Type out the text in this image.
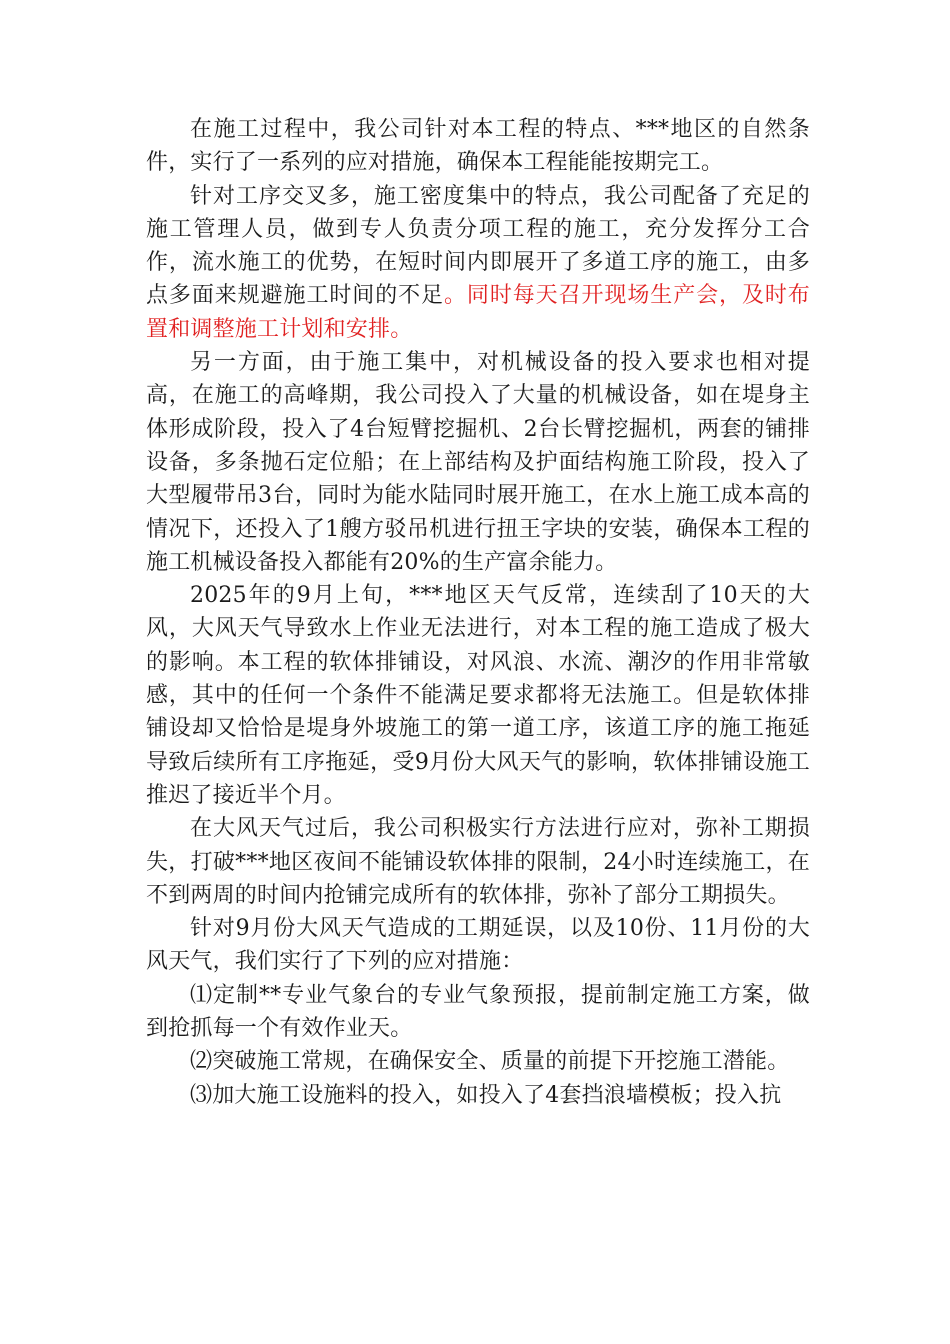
在施工过程中，我公司针对本工程的特点、***地区的自然条件，实行了一系列的应对措施，确保本工程能能按期完工。

针对工序交叉多，施工密度集中的特点，我公司配备了充足的施工管理人员，做到专人负责分项工程的施工，充分发挥分工合作，流水施工的优势，在短时间内即展开了多道工序的施工，由多点多面来规避施工时间的不足。同时每天召开现场生产会，及时布置和调整施工计划和安排。

另一方面，由于施工集中，对机械设备的投入要求也相对提高，在施工的高峰期，我公司投入了大量的机械设备，如在堤身主体形成阶段，投入了4台短臂挖掘机、2台长臂挖掘机，两套的铺排设备，多条抛石定位船；在上部结构及护面结构施工阶段，投入了大型履带吊3台，同时为能水陆同时展开施工，在水上施工成本高的情况下，还投入了1艘方驳吊机进行扭王字块的安装，确保本工程的施工机械设备投入都能有20%的生产富余能力。

2025年的9月上旬，***地区天气反常，连续刮了10天的大风，大风天气导致水上作业无法进行，对本工程的施工造成了极大的影响。本工程的软体排铺设，对风浪、水流、潮汐的作用非常敏感，其中的任何一个条件不能满足要求都将无法施工。但是软体排铺设却又恰恰是堤身外坡施工的第一道工序，该道工序的施工拖延导致后续所有工序拖延，受9月份大风天气的影响，软体排铺设施工推迟了接近半个月。

在大风天气过后，我公司积极实行方法进行应对，弥补工期损失，打破***地区夜间不能铺设软体排的限制，24小时连续施工，在不到两周的时间内抢铺完成所有的软体排，弥补了部分工期损失。

针对9月份大风天气造成的工期延误，以及10份、11月份的大风天气，我们实行了下列的应对措施：

⑴定制**专业气象台的专业气象预报，提前制定施工方案，做到抢抓每一个有效作业天。

⑵突破施工常规，在确保安全、质量的前提下开挖施工潜能。

⑶加大施工设施料的投入，如投入了4套挡浪墙模板；投入抗
